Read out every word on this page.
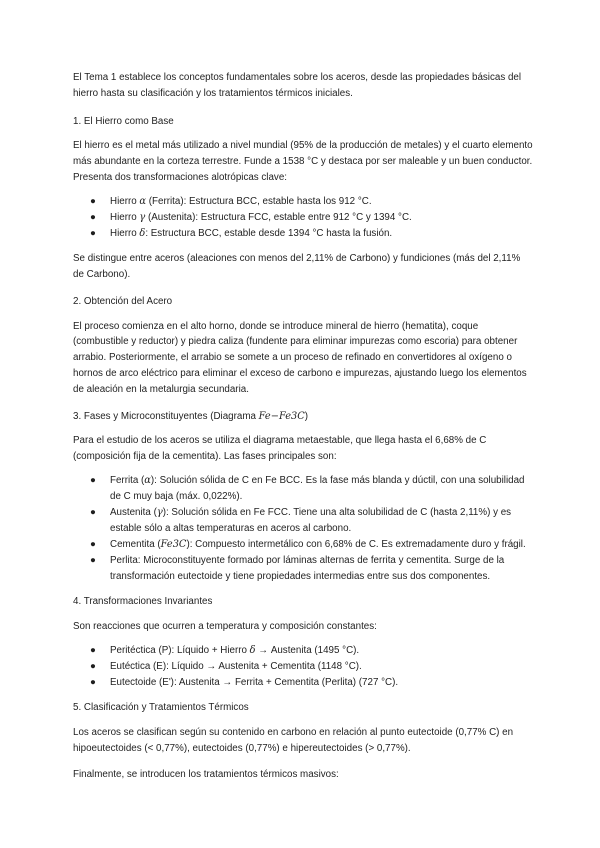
El Tema 1 establece los conceptos fundamentales sobre los aceros, desde las propiedades básicas del hierro hasta su clasificación y los tratamientos térmicos iniciales.

1. El Hierro como Base

El hierro es el metal más utilizado a nivel mundial (95% de la producción de metales) y el cuarto elemento más abundante en la corteza terrestre. Funde a 1538 °C y destaca por ser maleable y un buen conductor. Presenta dos transformaciones alotrópicas clave:

● Hierro α (Ferrita): Estructura BCC, estable hasta los 912 °C.
● Hierro γ (Austenita): Estructura FCC, estable entre 912 °C y 1394 °C.
● Hierro δ: Estructura BCC, estable desde 1394 °C hasta la fusión.

Se distingue entre aceros (aleaciones con menos del 2,11% de Carbono) y fundiciones (más del 2,11% de Carbono).

2. Obtención del Acero

El proceso comienza en el alto horno, donde se introduce mineral de hierro (hematita), coque (combustible y reductor) y piedra caliza (fundente para eliminar impurezas como escoria) para obtener arrabio. Posteriormente, el arrabio se somete a un proceso de refinado en convertidores al oxígeno o hornos de arco eléctrico para eliminar el exceso de carbono e impurezas, ajustando luego los elementos de aleación en la metalurgia secundaria.

3. Fases y Microconstituyentes (Diagrama Fe−Fe3C)

Para el estudio de los aceros se utiliza el diagrama metaestable, que llega hasta el 6,68% de C (composición fija de la cementita). Las fases principales son:

● Ferrita (α): Solución sólida de C en Fe BCC. Es la fase más blanda y dúctil, con una solubilidad de C muy baja (máx. 0,022%).
● Austenita (γ): Solución sólida en Fe FCC. Tiene una alta solubilidad de C (hasta 2,11%) y es estable sólo a altas temperaturas en aceros al carbono.
● Cementita (Fe3C): Compuesto intermetálico con 6,68% de C. Es extremadamente duro y frágil.
● Perlita: Microconstituyente formado por láminas alternas de ferrita y cementita. Surge de la transformación eutectoide y tiene propiedades intermedias entre sus dos componentes.

4. Transformaciones Invariantes

Son reacciones que ocurren a temperatura y composición constantes:

● Peritéctica (P): Líquido + Hierro δ → Austenita (1495 °C).
● Eutéctica (E): Líquido → Austenita + Cementita (1148 °C).
● Eutectoide (E'): Austenita → Ferrita + Cementita (Perlita) (727 °C).

5. Clasificación y Tratamientos Térmicos

Los aceros se clasifican según su contenido en carbono en relación al punto eutectoide (0,77% C) en hipoeutectoides (< 0,77%), eutectoides (0,77%) e hipereutectoides (> 0,77%).

Finalmente, se introducen los tratamientos térmicos masivos:
